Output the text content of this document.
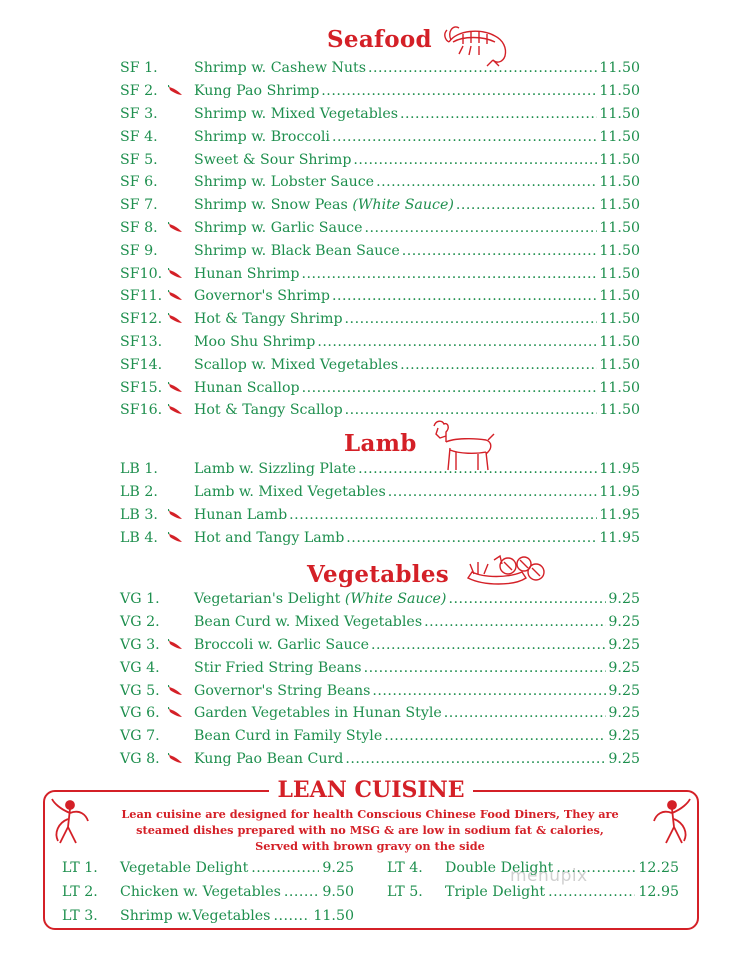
Seafood
SF 1.	Shrimp w. Cashew Nuts .....	11.50
SF 2.	Kung Pao Shrimp .....	11.50
SF 3.	Shrimp w. Mixed Vegetables .....	11.50
SF 4.	Shrimp w. Broccoli .....	11.50
SF 5.	Sweet & Sour Shrimp .....	11.50
SF 6.	Shrimp w. Lobster Sauce .....	11.50
SF 7.	Shrimp w. Snow Peas (White Sauce) .....	11.50
SF 8.	Shrimp w. Garlic Sauce .....	11.50
SF 9.	Shrimp w. Black Bean Sauce .....	11.50
SF10.	Hunan Shrimp .....	11.50
SF11.	Governor's Shrimp .....	11.50
SF12.	Hot & Tangy Shrimp .....	11.50
SF13.	Moo Shu Shrimp .....	11.50
SF14.	Scallop w. Mixed Vegetables .....	11.50
SF15.	Hunan Scallop .....	11.50
SF16.	Hot & Tangy Scallop .....	11.50
Lamb
LB 1.	Lamb w. Sizzling Plate .....	11.95
LB 2.	Lamb w. Mixed Vegetables .....	11.95
LB 3.	Hunan Lamb .....	11.95
LB 4.	Hot and Tangy Lamb .....	11.95
Vegetables
VG 1.	Vegetarian's Delight (White Sauce) .....	9.25
VG 2.	Bean Curd w. Mixed Vegetables .....	9.25
VG 3.	Broccoli w. Garlic Sauce .....	9.25
VG 4.	Stir Fried String Beans .....	9.25
VG 5.	Governor's String Beans .....	9.25
VG 6.	Garden Vegetables in Hunan Style .....	9.25
VG 7.	Bean Curd in Family Style .....	9.25
VG 8.	Kung Pao Bean Curd .....	9.25
LEAN CUISINE
Lean cuisine are designed for health Conscious Chinese Food Diners, They are
steamed dishes prepared with no MSG & are low in sodium fat & calories,
Served with brown gravy on the side
LT 1.	Vegetable Delight .....	9.25
LT 2.	Chicken w. Vegetables .....	9.50
LT 3.	Shrimp w.Vegetables .....	11.50
LT 4.	Double Delight .....	12.25
LT 5.	Triple Delight .....	12.95
menupix
